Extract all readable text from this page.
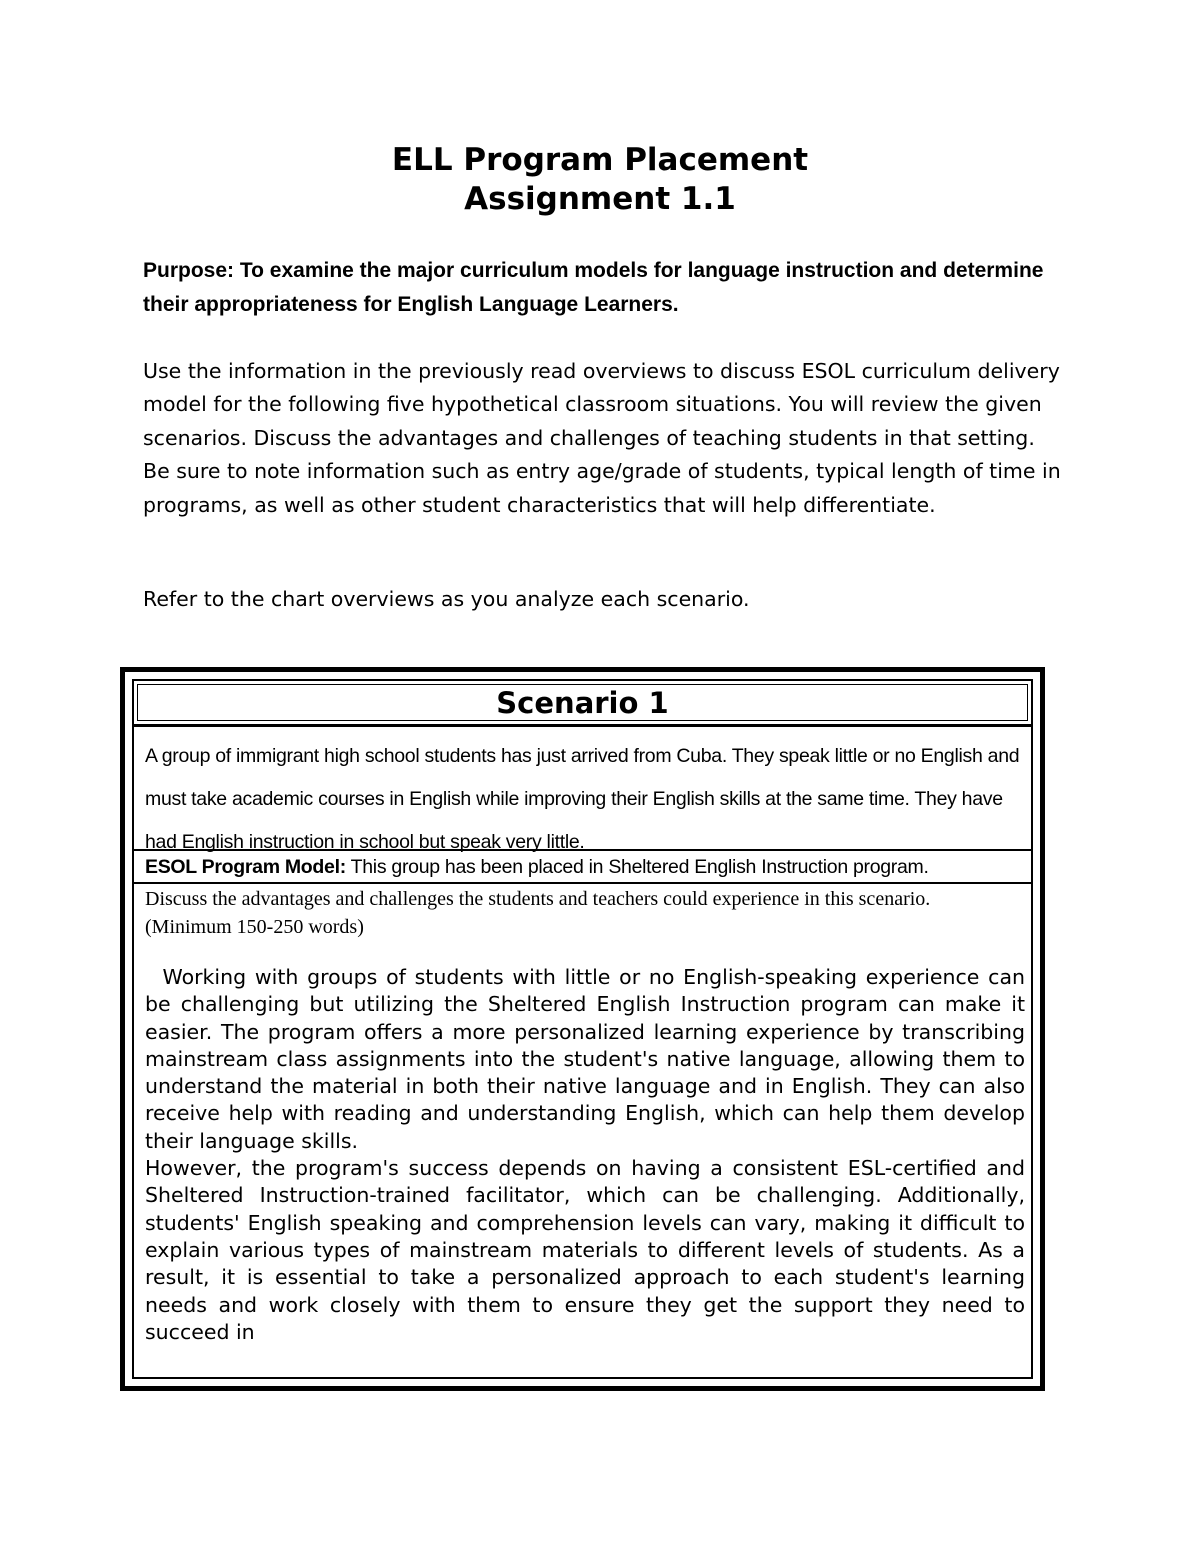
ELL Program Placement
Assignment 1.1
Purpose: To examine the major curriculum models for language instruction and determine their appropriateness for English Language Learners.
Use the information in the previously read overviews to discuss ESOL curriculum delivery model for the following five hypothetical classroom situations. You will review the given scenarios. Discuss the advantages and challenges of teaching students in that setting. Be sure to note information such as entry age/grade of students, typical length of time in programs, as well as other student characteristics that will help differentiate.
Refer to the chart overviews as you analyze each scenario.
Scenario 1
A group of immigrant high school students has just arrived from Cuba. They speak little or no English and must take academic courses in English while improving their English skills at the same time. They have had English instruction in school but speak very little.
ESOL Program Model: This group has been placed in Sheltered English Instruction program.
Discuss the advantages and challenges the students and teachers could experience in this scenario. (Minimum 150-250 words)

Working with groups of students with little or no English-speaking experience can be challenging but utilizing the Sheltered English Instruction program can make it easier. The program offers a more personalized learning experience by transcribing mainstream class assignments into the student's native language, allowing them to understand the material in both their native language and in English. They can also receive help with reading and understanding English, which can help them develop their language skills.

However, the program's success depends on having a consistent ESL-certified and Sheltered Instruction-trained facilitator, which can be challenging. Additionally, students' English speaking and comprehension levels can vary, making it difficult to explain various types of mainstream materials to different levels of students. As a result, it is essential to take a personalized approach to each student's learning needs and work closely with them to ensure they get the support they need to succeed in
